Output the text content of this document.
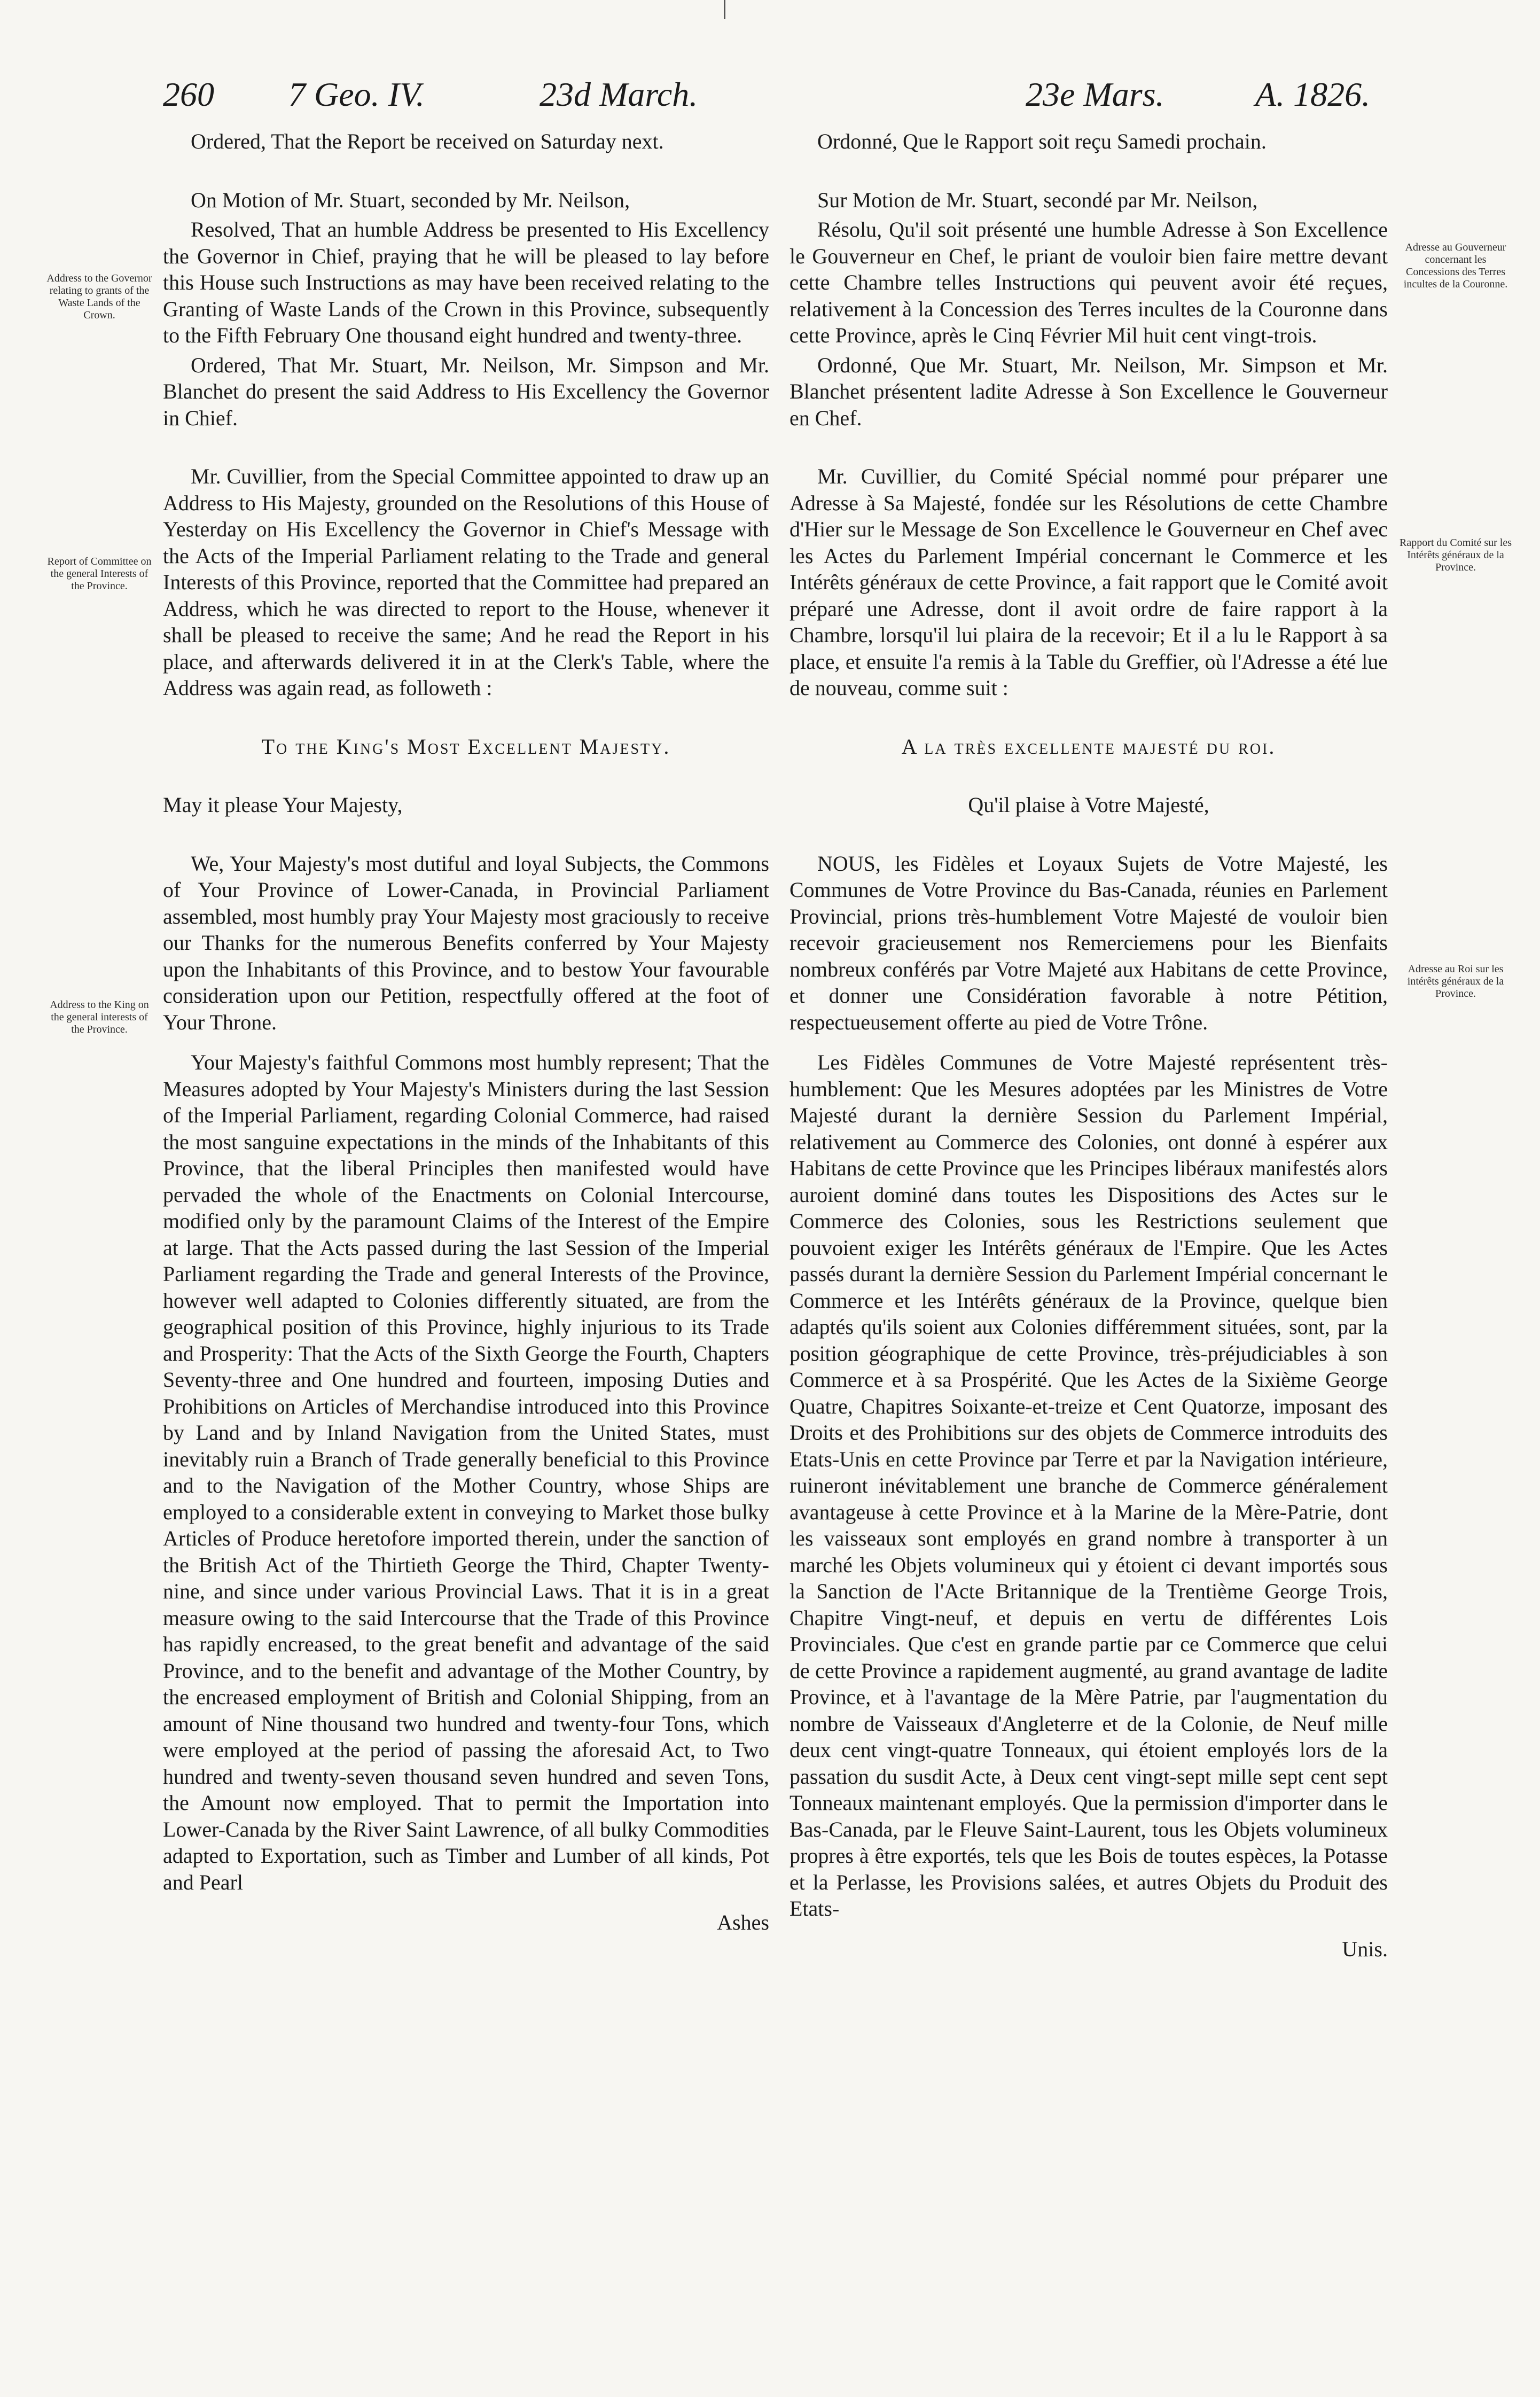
260 7 Geo. IV.	23d March.	23e Mars.	A. 1826.

Ordered, That the Report be received on Saturday next.

On Motion of Mr. Stuart, seconded by Mr. Neilson,

Resolved, That an humble Address be presented to His Excellency the Governor in Chief, praying that he will be pleased to lay before this House such Instructions as may have been received relating to the Granting of Waste Lands of the Crown in this Province, subsequently to the Fifth February One thousand eight hundred and twenty-three.

Ordered, That Mr. Stuart, Mr. Neilson, Mr. Simpson and Mr. Blanchet do present the said Address to His Excellency the Governor in Chief.

Mr. Cuvillier, from the Special Committee appointed to draw up an Address to His Majesty, grounded on the Resolutions of this House of Yesterday on His Excellency the Governor in Chief's Message with the Acts of the Imperial Parliament relating to the Trade and general Interests of this Province, reported that the Committee had prepared an Address, which he was directed to report to the House, whenever it shall be pleased to receive the same; And he read the Report in his place, and afterwards delivered it in at the Clerk's Table, where the Address was again read, as followeth :

To the King's Most Excellent Majesty.

May it please Your Majesty,

We, Your Majesty's most dutiful and loyal Subjects, the Commons of Your Province of Lower-Canada, in Provincial Parliament assembled, most humbly pray Your Majesty most graciously to receive our Thanks for the numerous Benefits conferred by Your Majesty upon the Inhabitants of this Province, and to bestow Your favourable consideration upon our Petition, respectfully offered at the foot of Your Throne.

Your Majesty's faithful Commons most humbly represent; That the Measures adopted by Your Majesty's Ministers during the last Session of the Imperial Parliament, regarding Colonial Commerce, had raised the most sanguine expectations in the minds of the Inhabitants of this Province, that the liberal Principles then manifested would have pervaded the whole of the Enactments on Colonial Intercourse, modified only by the paramount Claims of the Interest of the Empire at large. That the Acts passed during the last Session of the Imperial Parliament regarding the Trade and general Interests of the Province, however well adapted to Colonies differently situated, are from the geographical position of this Province, highly injurious to its Trade and Prosperity: That the Acts of the Sixth George the Fourth, Chapters Seventy-three and One hundred and fourteen, imposing Duties and Prohibitions on Articles of Merchandise introduced into this Province by Land and by Inland Navigation from the United States, must inevitably ruin a Branch of Trade generally beneficial to this Province and to the Navigation of the Mother Country, whose Ships are employed to a considerable extent in conveying to Market those bulky Articles of Produce heretofore imported therein, under the sanction of the British Act of the Thirtieth George the Third, Chapter Twenty-nine, and since under various Provincial Laws. That it is in a great measure owing to the said Intercourse that the Trade of this Province has rapidly encreased, to the great benefit and advantage of the said Province, and to the benefit and advantage of the Mother Country, by the encreased employment of British and Colonial Shipping, from an amount of Nine thousand two hundred and twenty-four Tons, which were employed at the period of passing the aforesaid Act, to Two hundred and twenty-seven thousand seven hundred and seven Tons, the Amount now employed. That to permit the Importation into Lower-Canada by the River Saint Lawrence, of all bulky Commodities adapted to Exportation, such as Timber and Lumber of all kinds, Pot and Pearl

Ashes

Ordonné, Que le Rapport soit reçu Samedi prochain.

Sur Motion de Mr. Stuart, secondé par Mr. Neilson,

Résolu, Qu'il soit présenté une humble Adresse à Son Excellence le Gouverneur en Chef, le priant de vouloir bien faire mettre devant cette Chambre telles Instructions qui peuvent avoir été reçues, relativement à la Concession des Terres incultes de la Couronne dans cette Province, après le Cinq Février Mil huit cent vingt-trois.

Ordonné, Que Mr. Stuart, Mr. Neilson, Mr. Simpson et Mr. Blanchet présentent ladite Adresse à Son Excellence le Gouverneur en Chef.

Mr. Cuvillier, du Comité Spécial nommé pour préparer une Adresse à Sa Majesté, fondée sur les Résolutions de cette Chambre d'Hier sur le Message de Son Excellence le Gouverneur en Chef avec les Actes du Parlement Impérial concernant le Commerce et les Intérêts généraux de cette Province, a fait rapport que le Comité avoit préparé une Adresse, dont il avoit ordre de faire rapport à la Chambre, lorsqu'il lui plaira de la recevoir; Et il a lu le Rapport à sa place, et ensuite l'a remis à la Table du Greffier, où l'Adresse a été lue de nouveau, comme suit :

A la très excellente majesté du roi.

Qu'il plaise à Votre Majesté,

NOUS, les Fidèles et Loyaux Sujets de Votre Majesté, les Communes de Votre Province du Bas-Canada, réunies en Parlement Provincial, prions très-humblement Votre Majesté de vouloir bien recevoir gracieusement nos Remerciemens pour les Bienfaits nombreux conférés par Votre Majeté aux Habitans de cette Province, et donner une Considération favorable à notre Pétition, respectueusement offerte au pied de Votre Trône.

Les Fidèles Communes de Votre Majesté représentent très-humblement: Que les Mesures adoptées par les Ministres de Votre Majesté durant la dernière Session du Parlement Impérial, relativement au Commerce des Colonies, ont donné à espérer aux Habitans de cette Province que les Principes libéraux manifestés alors auroient dominé dans toutes les Dispositions des Actes sur le Commerce des Colonies, sous les Restrictions seulement que pouvoient exiger les Intérêts généraux de l'Empire. Que les Actes passés durant la dernière Session du Parlement Impérial concernant le Commerce et les Intérêts généraux de la Province, quelque bien adaptés qu'ils soient aux Colonies différemment situées, sont, par la position géographique de cette Province, très-préjudiciables à son Commerce et à sa Prospérité. Que les Actes de la Sixième George Quatre, Chapitres Soixante-et-treize et Cent Quatorze, imposant des Droits et des Prohibitions sur des objets de Commerce introduits des Etats-Unis en cette Province par Terre et par la Navigation intérieure, ruineront inévitablement une branche de Commerce généralement avantageuse à cette Province et à la Marine de la Mère-Patrie, dont les vaisseaux sont employés en grand nombre à transporter à un marché les Objets volumineux qui y étoient ci devant importés sous la Sanction de l'Acte Britannique de la Trentième George Trois, Chapitre Vingt-neuf, et depuis en vertu de différentes Lois Provinciales. Que c'est en grande partie par ce Commerce que celui de cette Province a rapidement augmenté, au grand avantage de ladite Province, et à l'avantage de la Mère Patrie, par l'augmentation du nombre de Vaisseaux d'Angleterre et de la Colonie, de Neuf mille deux cent vingt-quatre Tonneaux, qui étoient employés lors de la passation du susdit Acte, à Deux cent vingt-sept mille sept cent sept Tonneaux maintenant employés. Que la permission d'importer dans le Bas-Canada, par le Fleuve Saint-Laurent, tous les Objets volumineux propres à être exportés, tels que les Bois de toutes espèces, la Potasse et la Perlasse, les Provisions salées, et autres Objets du Produit des Etats-

Unis.

Address to the Governor relating to grants of the Waste Lands of the Crown.
Adresse au Gouverneur concernant les Concessions des Terres incultes de la Couronne.
Report of Committee on the general Interests of the Province.
Rapport du Comité sur les Intérêts généraux de la Province.
Address to the King on the general interests of the Province.
Adresse au Roi sur les intérêts généraux de la Province.
